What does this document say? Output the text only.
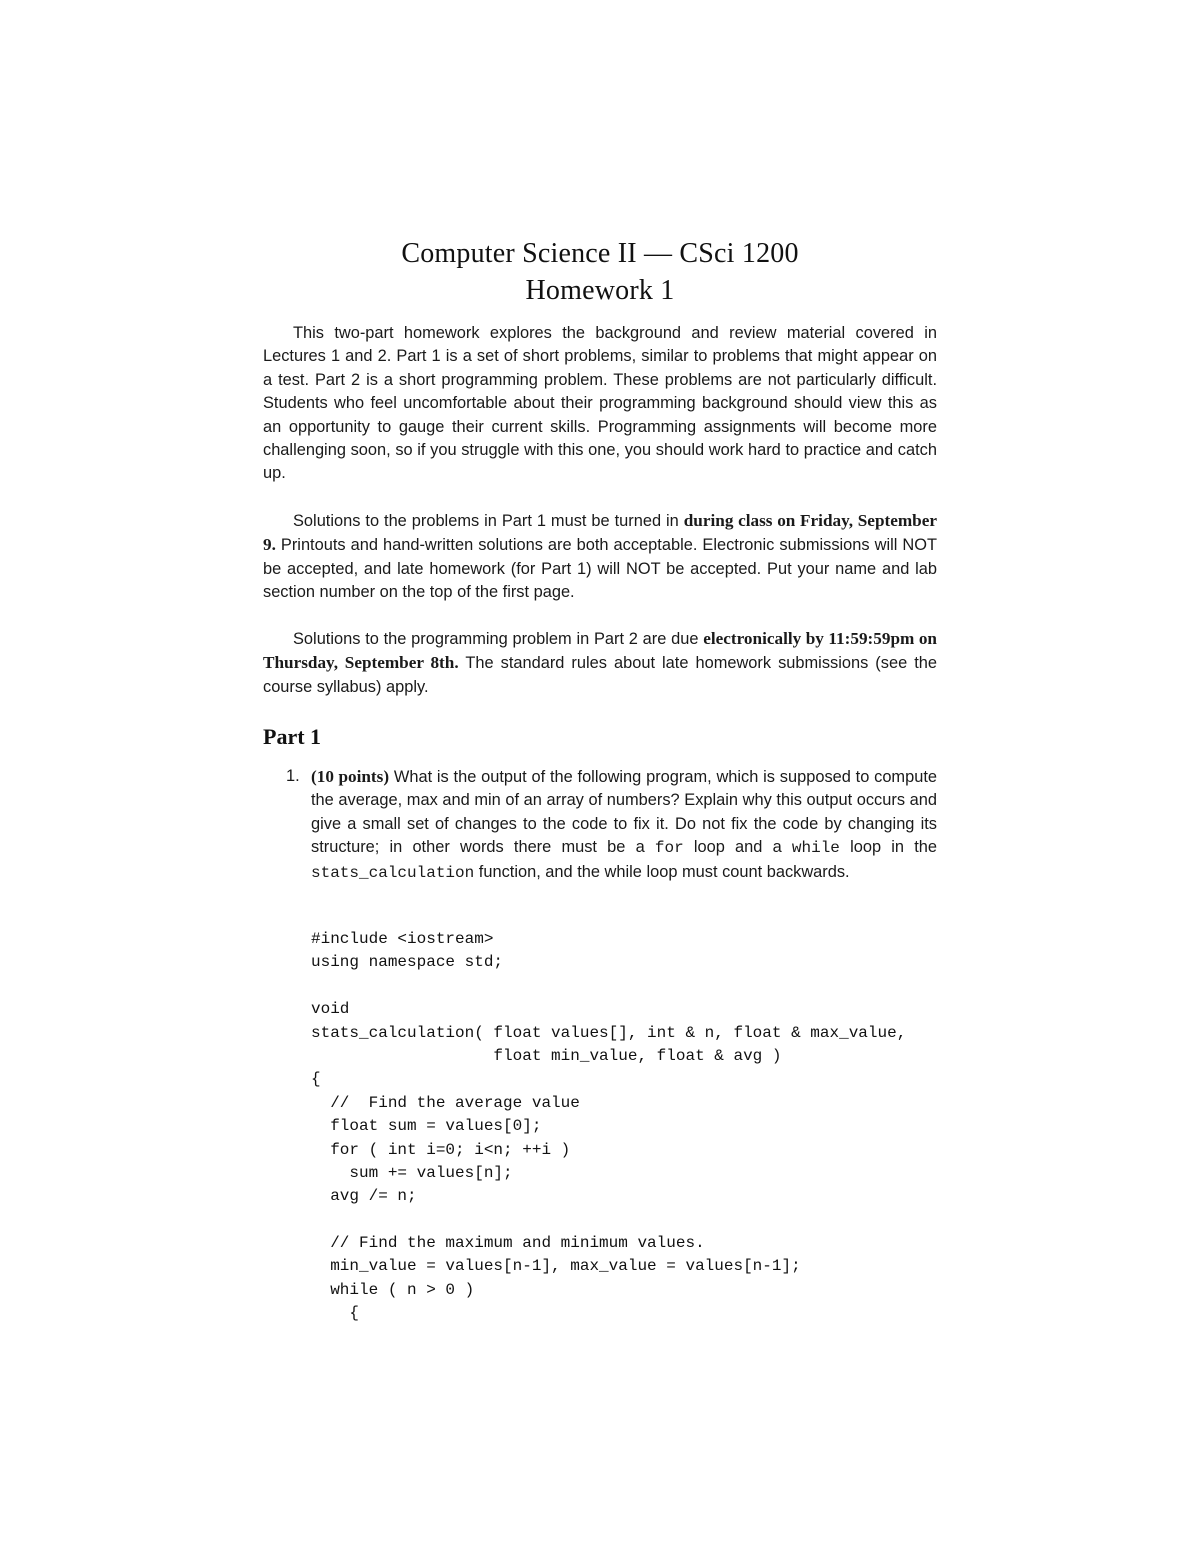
Computer Science II — CSci 1200
Homework 1

This two-part homework explores the background and review material covered in Lectures 1 and 2. Part 1 is a set of short problems, similar to problems that might appear on a test. Part 2 is a short programming problem. These problems are not particularly difficult. Students who feel uncomfortable about their programming background should view this as an opportunity to gauge their current skills. Programming assignments will become more challenging soon, so if you struggle with this one, you should work hard to practice and catch up.

Solutions to the problems in Part 1 must be turned in during class on Friday, September 9. Printouts and hand-written solutions are both acceptable. Electronic submissions will NOT be accepted, and late homework (for Part 1) will NOT be accepted. Put your name and lab section number on the top of the first page.

Solutions to the programming problem in Part 2 are due electronically by 11:59:59pm on Thursday, September 8th. The standard rules about late homework submissions (see the course syllabus) apply.

Part 1
1. (10 points) What is the output of the following program, which is supposed to compute the average, max and min of an array of numbers? Explain why this output occurs and give a small set of changes to the code to fix it. Do not fix the code by changing its structure; in other words there must be a for loop and a while loop in the stats_calculation function, and the while loop must count backwards.
#include <iostream>
using namespace std;
void
stats_calculation( float values[], int & n, float & max_value,
float min_value, float & avg )
{
//  Find the average value
float sum = values[0];
for ( int i=0; i<n; ++i )
sum += values[n];
avg /= n;
// Find the maximum and minimum values.
min_value = values[n-1], max_value = values[n-1];
while ( n > 0 )
{
